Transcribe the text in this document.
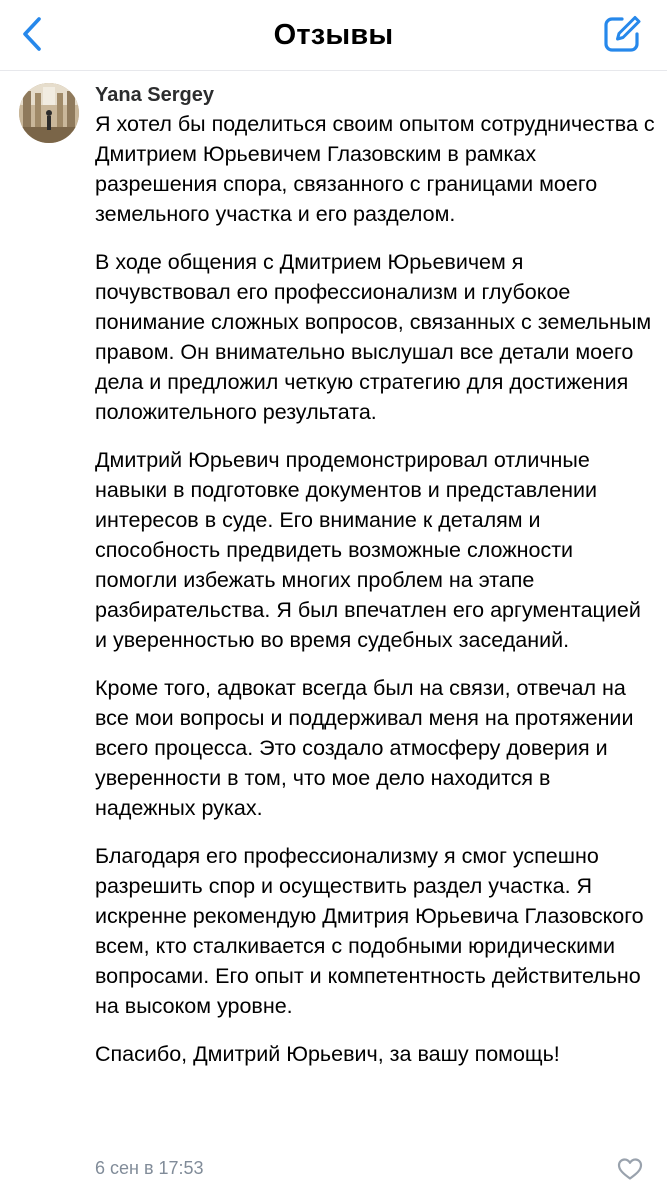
Отзывы
Yana Sergey

Я хотел бы поделиться своим опытом сотрудничества с Дмитрием Юрьевичем Глазовским в рамках разрешения спора, связанного с границами моего земельного участка и его разделом.

В ходе общения с Дмитрием Юрьевичем я почувствовал его профессионализм и глубокое понимание сложных вопросов, связанных с земельным правом. Он внимательно выслушал все детали моего дела и предложил четкую стратегию для достижения положительного результата.

Дмитрий Юрьевич продемонстрировал отличные навыки в подготовке документов и представлении интересов в суде. Его внимание к деталям и способность предвидеть возможные сложности помогли избежать многих проблем на этапе разбирательства. Я был впечатлен его аргументацией и уверенностью во время судебных заседаний.

Кроме того, адвокат всегда был на связи, отвечал на все мои вопросы и поддерживал меня на протяжении всего процесса. Это создало атмосферу доверия и уверенности в том, что мое дело находится в надежных руках.

Благодаря его профессионализму я смог успешно разрешить спор и осуществить раздел участка. Я искренне рекомендую Дмитрия Юрьевича Глазовского всем, кто сталкивается с подобными юридическими вопросами. Его опыт и компетентность действительно на высоком уровне.

Спасибо, Дмитрий Юрьевич, за вашу помощь!

6 сен в 17:53
